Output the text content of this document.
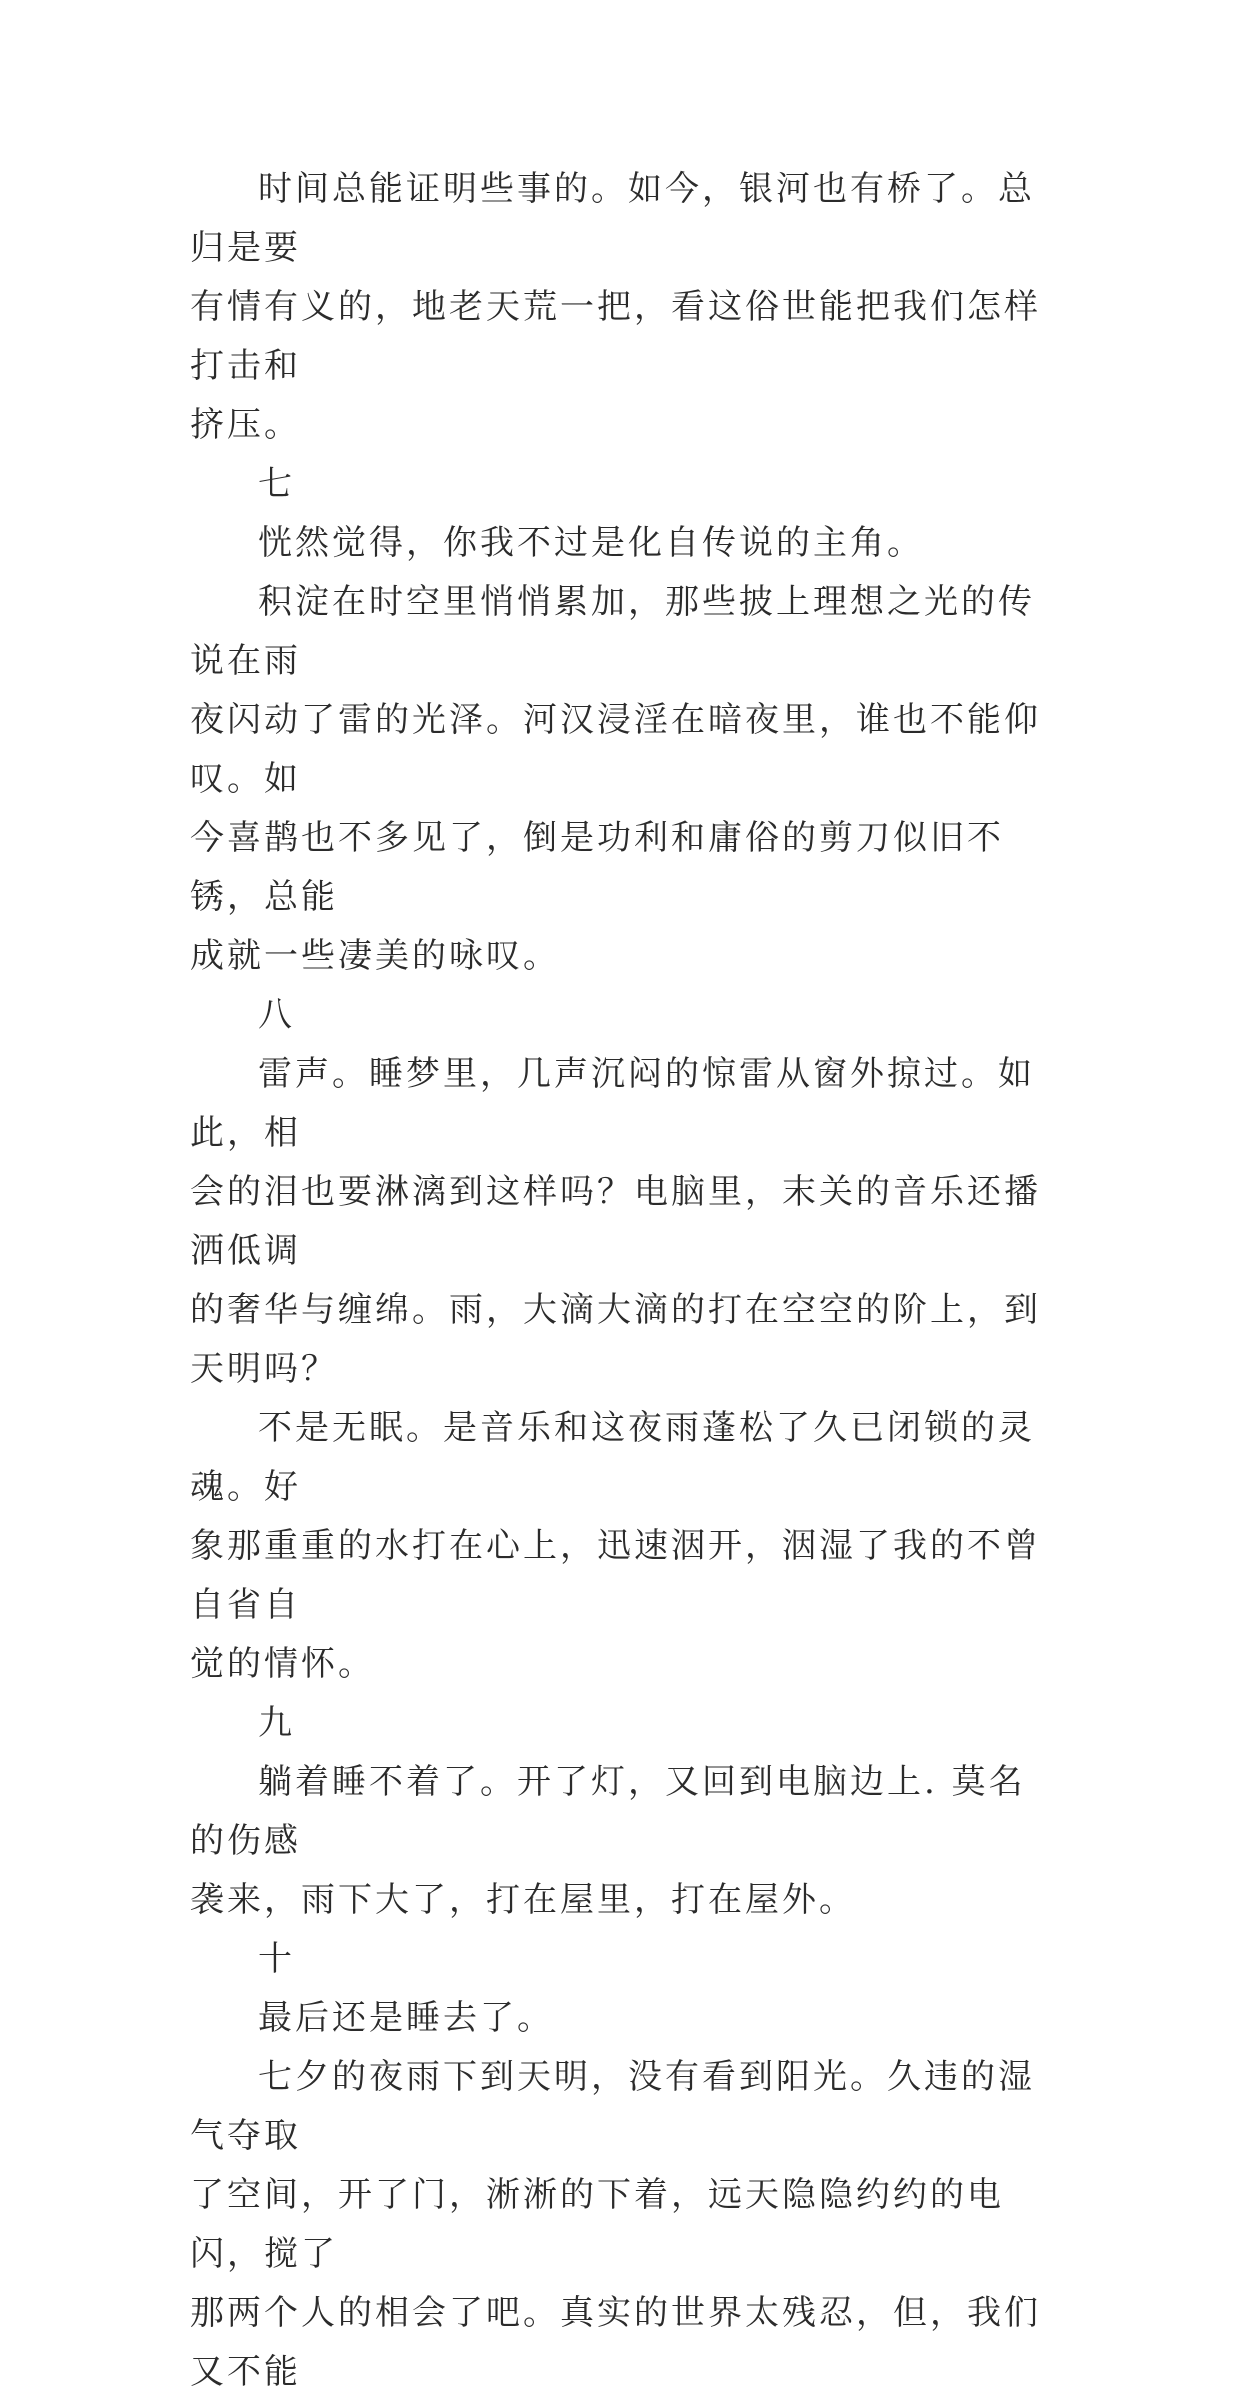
时间总能证明些事的。如今，银河也有桥了。总归是要
有情有义的，地老天荒一把，看这俗世能把我们怎样打击和
挤压。

七

恍然觉得，你我不过是化自传说的主角。

积淀在时空里悄悄累加，那些披上理想之光的传说在雨
夜闪动了雷的光泽。河汉浸淫在暗夜里，谁也不能仰叹。如
今喜鹊也不多见了，倒是功利和庸俗的剪刀似旧不锈，总能
成就一些凄美的咏叹。

八

雷声。睡梦里，几声沉闷的惊雷从窗外掠过。如此，相
会的泪也要淋漓到这样吗？电脑里，末关的音乐还播洒低调
的奢华与缠绵。雨，大滴大滴的打在空空的阶上，到天明吗？

不是无眠。是音乐和这夜雨蓬松了久已闭锁的灵魂。好
象那重重的水打在心上，迅速洇开，洇湿了我的不曾自省自
觉的情怀。

九

躺着睡不着了。开了灯，又回到电脑边上. 莫名的伤感
袭来，雨下大了，打在屋里，打在屋外。

十

最后还是睡去了。

七夕的夜雨下到天明，没有看到阳光。久违的湿气夺取
了空间，开了门，淅淅的下着，远天隐隐约约的电闪，搅了
那两个人的相会了吧。真实的世界太残忍，但，我们又不能
